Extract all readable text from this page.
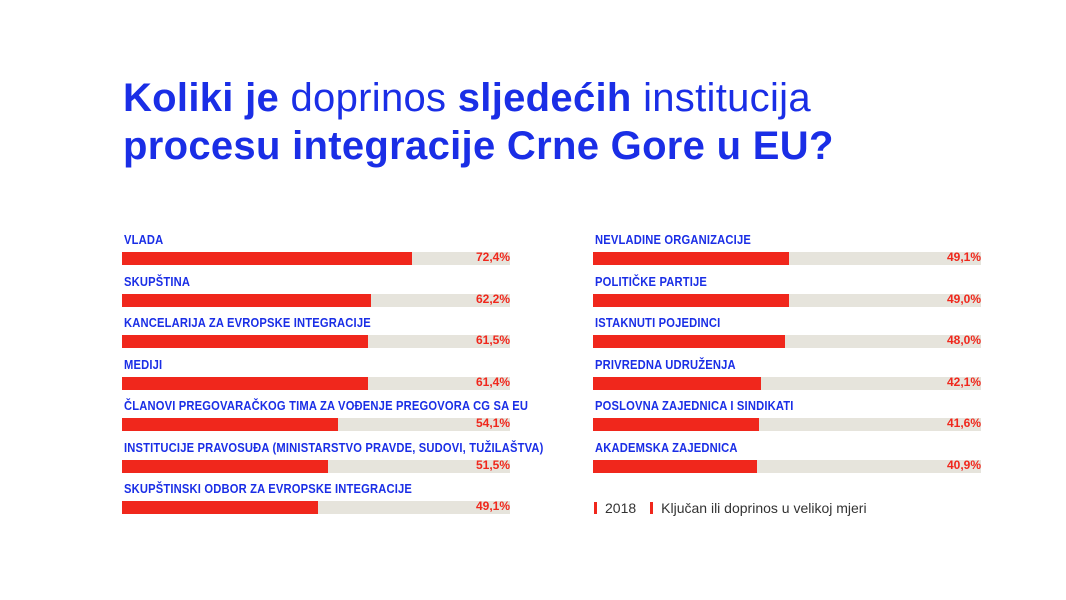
Koliki je doprinos sljedećih institucija
procesu integracije Crne Gore u EU?
VLADA
72,4%
SKUPŠTINA
62,2%
KANCELARIJA ZA EVROPSKE INTEGRACIJE
61,5%
MEDIJI
61,4%
ČLANOVI PREGOVARAČKOG TIMA ZA VOĐENJE PREGOVORA CG SA EU
54,1%
INSTITUCIJE PRAVOSUĐA (MINISTARSTVO PRAVDE, SUDOVI, TUŽILAŠTVA)
51,5%
SKUPŠTINSKI ODBOR ZA EVROPSKE INTEGRACIJE
49,1%
NEVLADINE ORGANIZACIJE
49,1%
POLITIČKE PARTIJE
49,0%
ISTAKNUTI POJEDINCI
48,0%
PRIVREDNA UDRUŽENJA
42,1%
POSLOVNA ZAJEDNICA I SINDIKATI
41,6%
AKADEMSKA ZAJEDNICA
40,9%
2018 Ključan ili doprinos u velikoj mjeri
